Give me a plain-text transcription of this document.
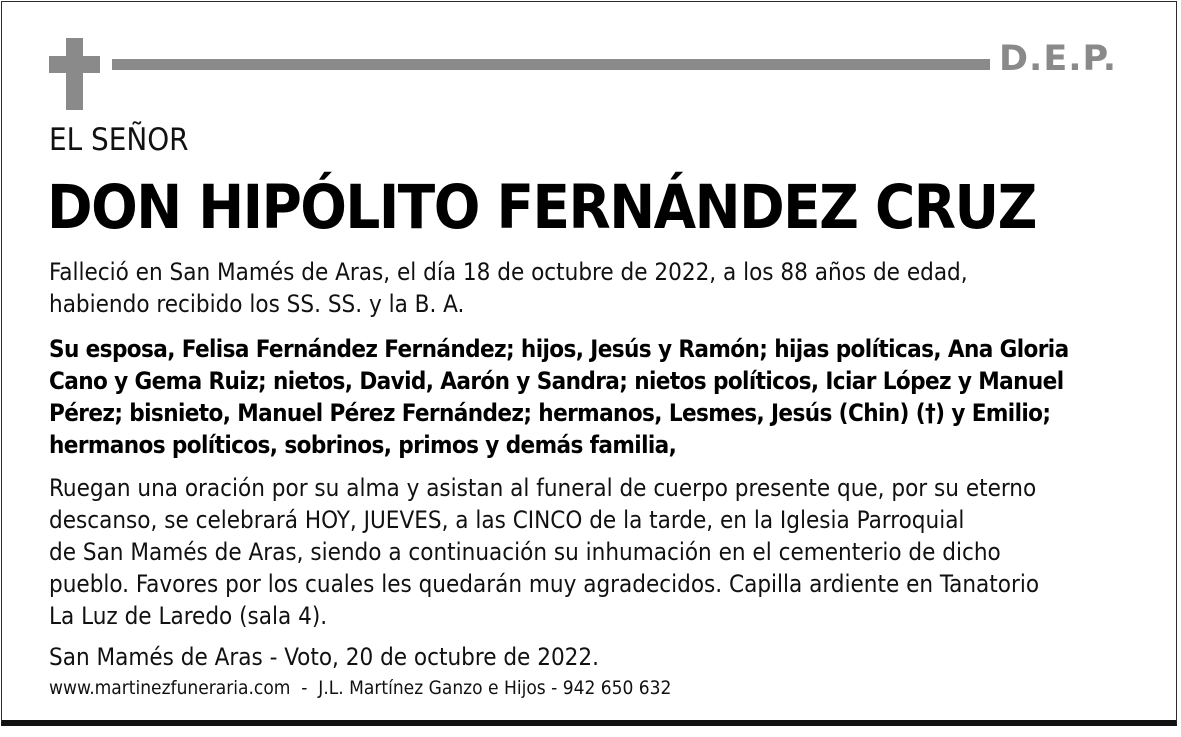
D.E.P.
EL SEÑOR
DON HIPÓLITO FERNÁNDEZ CRUZ
Falleció en San Mamés de Aras, el día 18 de octubre de 2022, a los 88 años de edad,
habiendo recibido los SS. SS. y la B. A.
Su esposa, Felisa Fernández Fernández; hijos, Jesús y Ramón; hijas políticas, Ana Gloria
Cano y Gema Ruiz; nietos, David, Aarón y Sandra; nietos políticos, Iciar López y Manuel
Pérez; bisnieto, Manuel Pérez Fernández; hermanos, Lesmes, Jesús (Chin) (†) y Emilio;
hermanos políticos, sobrinos, primos y demás familia,
Ruegan una oración por su alma y asistan al funeral de cuerpo presente que, por su eterno
descanso, se celebrará HOY, JUEVES, a las CINCO de la tarde, en la Iglesia Parroquial
de San Mamés de Aras, siendo a continuación su inhumación en el cementerio de dicho
pueblo. Favores por los cuales les quedarán muy agradecidos. Capilla ardiente en Tanatorio
La Luz de Laredo (sala 4).
San Mamés de Aras - Voto, 20 de octubre de 2022.
www.martinezfuneraria.com  -  J.L. Martínez Ganzo e Hijos - 942 650 632
